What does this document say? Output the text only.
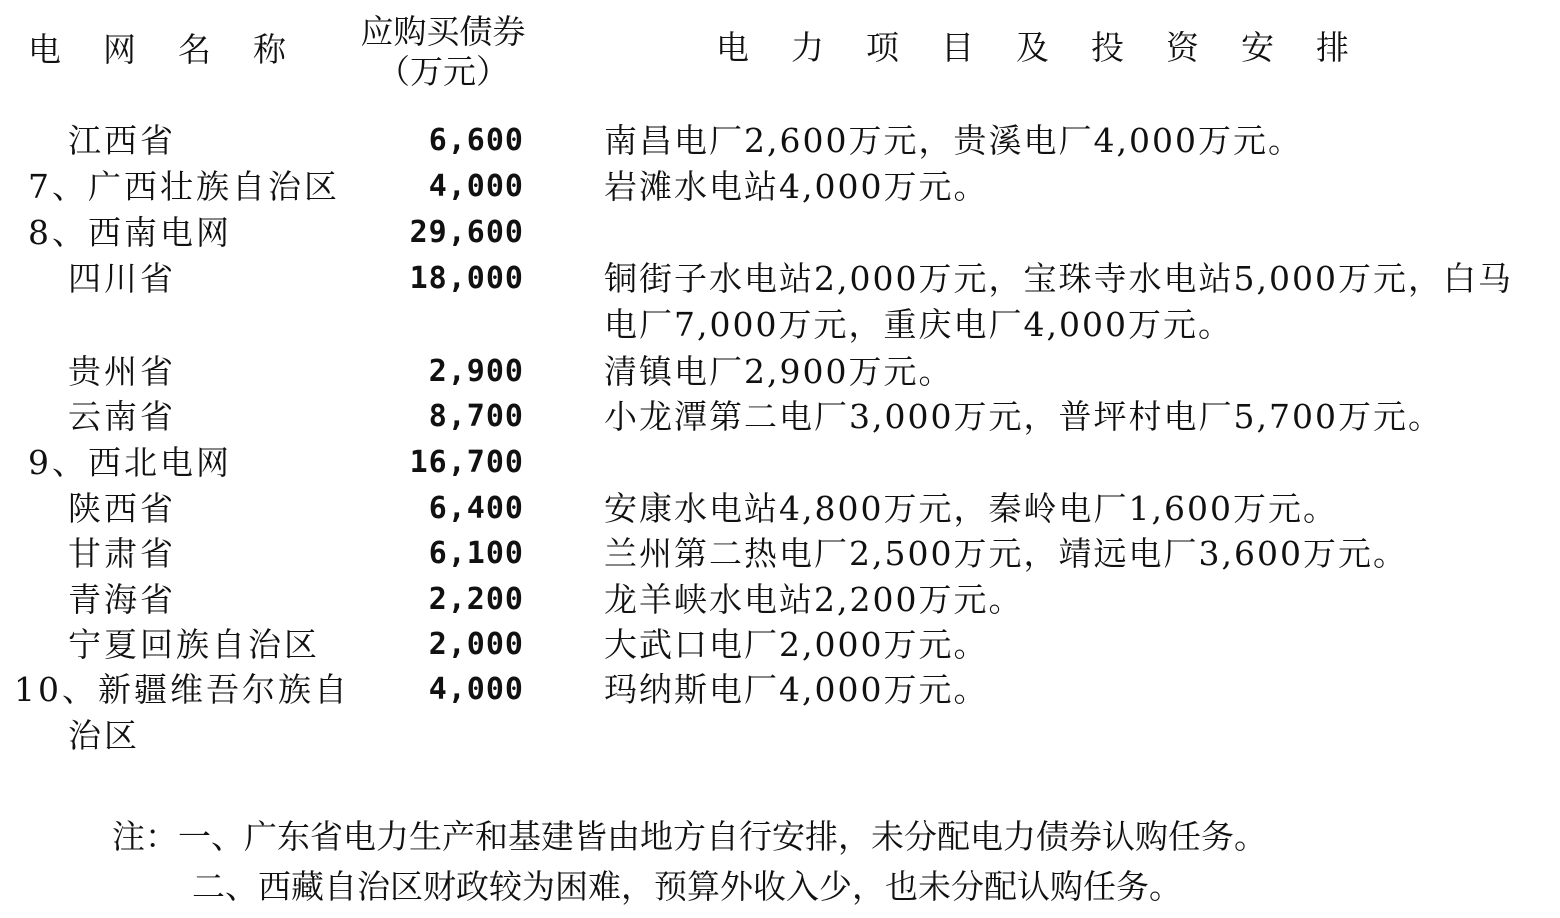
电网名称 应购买债券
（万元）
电力项目及投资安排
江西省	6,600 南昌电厂2,600万元，贵溪电厂4,000万元。
7、广西壮族自治区	4,000 岩滩水电站4,000万元。
8、西南电网	29,600
四川省	18,000 铜街子水电站2,000万元，宝珠寺水电站5,000万元，白马
电厂7,000万元，重庆电厂4,000万元。
贵州省	2,900 清镇电厂2,900万元。
云南省	8,700 小龙潭第二电厂3,000万元，普坪村电厂5,700万元。
9、西北电网	16,700
陕西省	6,400 安康水电站4,800万元，秦岭电厂1,600万元。
甘肃省	6,100 兰州第二热电厂2,500万元，靖远电厂3,600万元。
青海省	2,200 龙羊峡水电站2,200万元。
宁夏回族自治区	2,000 大武口电厂2,000万元。
10、新疆维吾尔族自	4,000 玛纳斯电厂4,000万元。
治区
注：一、广东省电力生产和基建皆由地方自行安排，未分配电力债券认购任务。
二、西藏自治区财政较为困难，预算外收入少，也未分配认购任务。
